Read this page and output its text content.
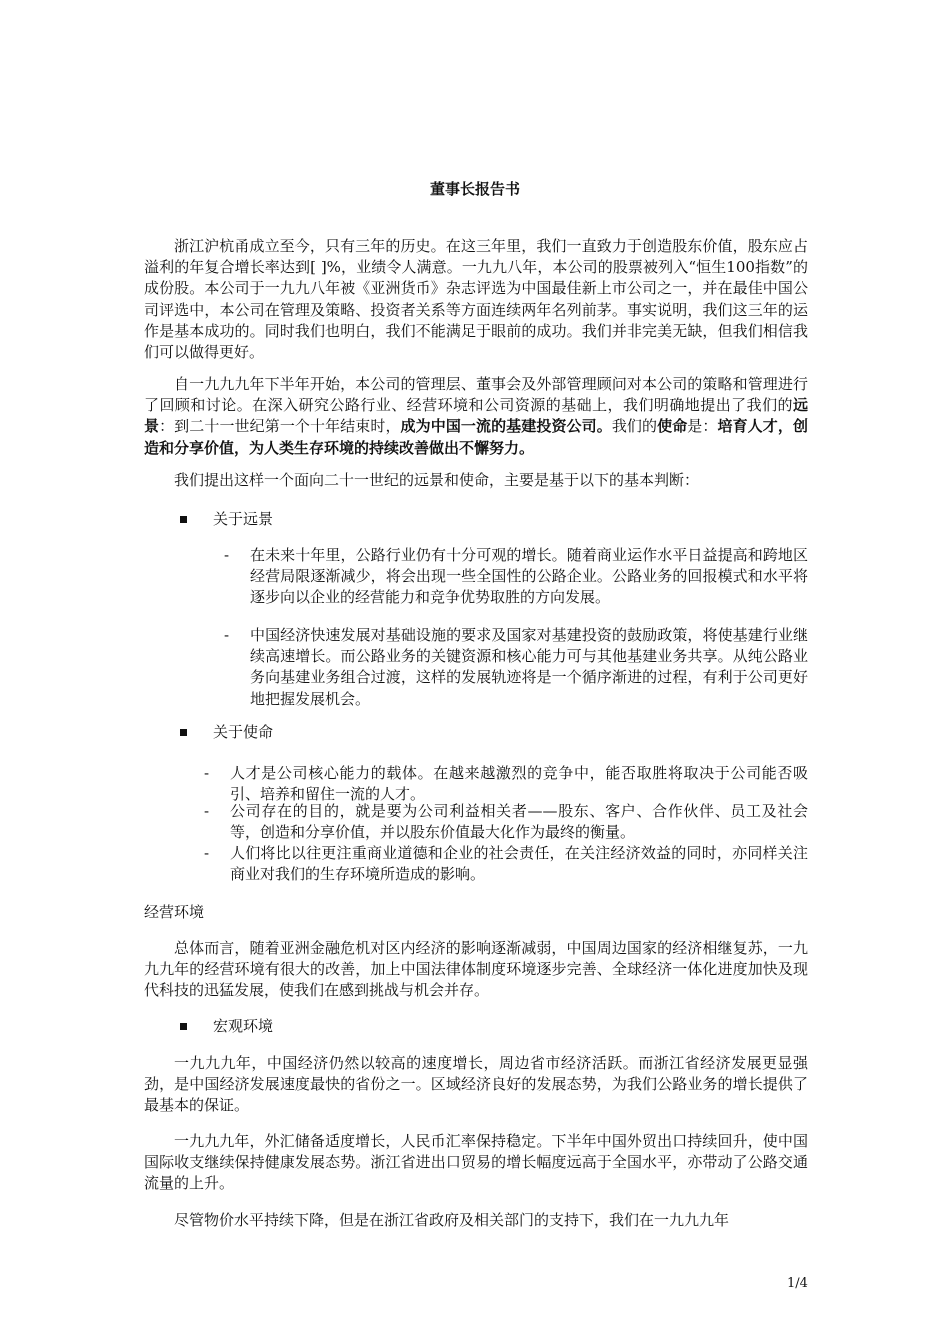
董事长报告书

浙江沪杭甬成立至今，只有三年的历史。在这三年里，我们一直致力于创造股东价值，股东应占溢利的年复合增长率达到[ ]%，业绩令人满意。一九九八年，本公司的股票被列入“恒生100指数”的成份股。本公司于一九九八年被《亚洲货币》杂志评选为中国最佳新上市公司之一，并在最佳中国公司评选中，本公司在管理及策略、投资者关系等方面连续两年名列前茅。事实说明，我们这三年的运作是基本成功的。同时我们也明白，我们不能满足于眼前的成功。我们并非完美无缺，但我们相信我们可以做得更好。

自一九九九年下半年开始，本公司的管理层、董事会及外部管理顾问对本公司的策略和管理进行了回顾和讨论。在深入研究公路行业、经营环境和公司资源的基础上，我们明确地提出了我们的远景：到二十一世纪第一个十年结束时，成为中国一流的基建投资公司。我们的使命是：培育人才，创造和分享价值，为人类生存环境的持续改善做出不懈努力。

我们提出这样一个面向二十一世纪的远景和使命，主要是基于以下的基本判断：

关于远景
-	在未来十年里，公路行业仍有十分可观的增长。随着商业运作水平日益提高和跨地区经营局限逐渐减少，将会出现一些全国性的公路企业。公路业务的回报模式和水平将逐步向以企业的经营能力和竞争优势取胜的方向发展。
-	中国经济快速发展对基础设施的要求及国家对基建投资的鼓励政策，将使基建行业继续高速增长。而公路业务的关键资源和核心能力可与其他基建业务共享。从纯公路业务向基建业务组合过渡，这样的发展轨迹将是一个循序渐进的过程，有利于公司更好地把握发展机会。
关于使命
-	人才是公司核心能力的载体。在越来越激烈的竞争中，能否取胜将取决于公司能否吸引、培养和留住一流的人才。
-	公司存在的目的，就是要为公司利益相关者——股东、客户、合作伙伴、员工及社会等，创造和分享价值，并以股东价值最大化作为最终的衡量。
-	人们将比以往更注重商业道德和企业的社会责任，在关注经济效益的同时，亦同样关注商业对我们的生存环境所造成的影响。

经营环境

总体而言，随着亚洲金融危机对区内经济的影响逐渐减弱，中国周边国家的经济相继复苏，一九九九年的经营环境有很大的改善，加上中国法律体制度环境逐步完善、全球经济一体化进度加快及现代科技的迅猛发展，使我们在感到挑战与机会并存。

宏观环境

一九九九年，中国经济仍然以较高的速度增长，周边省市经济活跃。而浙江省经济发展更显强劲，是中国经济发展速度最快的省份之一。区域经济良好的发展态势，为我们公路业务的增长提供了最基本的保证。

一九九九年，外汇储备适度增长，人民币汇率保持稳定。下半年中国外贸出口持续回升，使中国国际收支继续保持健康发展态势。浙江省进出口贸易的增长幅度远高于全国水平，亦带动了公路交通流量的上升。

尽管物价水平持续下降，但是在浙江省政府及相关部门的支持下，我们在一九九九年

1/4
